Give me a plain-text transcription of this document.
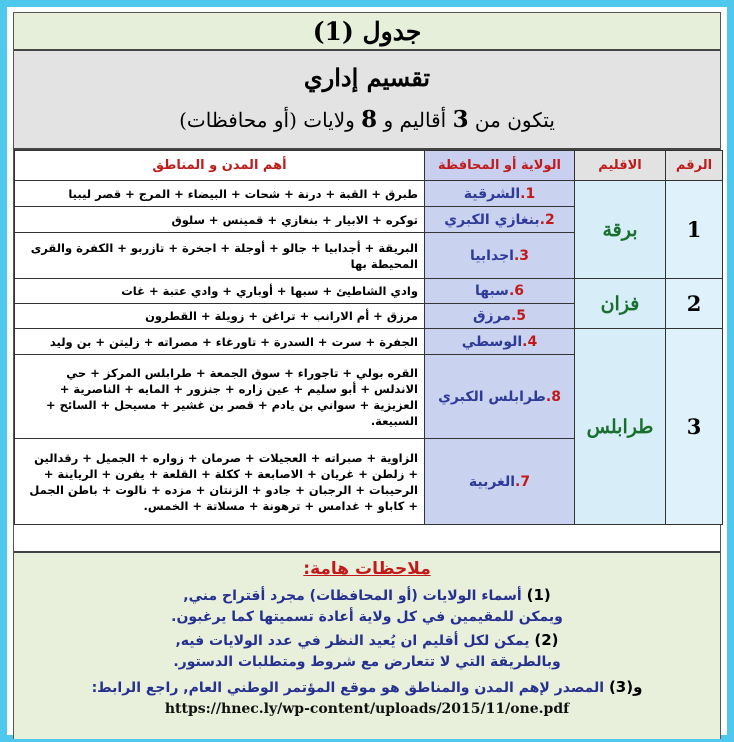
جدول (1)
تقسيم إداري
يتكون من 3 أقاليم و 8 ولايات (أو محافظات)
الرقم	الاقليم	الولاية أو المحافظة	أهم المدن و المناطق
1	برقة	1.الشرقية	طبرق + القبة + درنة + شحات + البيضاء + المرج + قصر ليبيا
		2.بنغازي الكبري	توكره + الابيار + بنغازي + قمينس + سلوق
		3.اجدابيا	البريقة + أجدابيا + جالو + أوجلة + اجخرة + تازربو + الكفرة والقرى المحيطة بها
2	فزان	6.سبها	وادي الشاطيئ + سبها + أوباري + وادي عتبة + غات
		5.مرزق	مرزق + أم الارانب + تراغن + زويلة + القطرون
3	طرابلس	4.الوسطي	الجفرة + سرت + السدرة + تاورغاء + مصراته + زليتن + بن وليد
		8.طرابلس الكبري	القره بولي + تاجوراء + سوق الجمعة + طرابلس المركز + حي الاندلس + أبو سليم + عين زاره + جنزور + المايه + الناصرية + العزيزية + سواني بن يادم + قصر بن غشير + مسيحل + السائح + السبيعة.
		7.الغربية	الزاوية + صبراته + العجيلات + صرمان + زواره + الجميل + رقدالين + زلطن + غريان + الاصابعة + ككلة + القلعة + يفرن + الرياينة + الرحيبات + الرجبان + جادو + الزنتان + مزده + نالوت + باطن الجمل + كاباو + غدامس + ترهونة + مسلاتة + الخمس.
ملاحظات هامة:
(1) أسماء الولايات (أو المحافظات) مجرد أقتراح مني,
ويمكن للمقيمين في كل ولاية أعادة تسميتها كما يرغبون.
(2) يمكن لكل أقليم ان يُعيد النظر في عدد الولايات فيه,
وبالطريقة التي لا تتعارض مع شروط ومتطلبات الدستور.
و(3) المصدر لإهم المدن والمناطق هو موقع المؤتمر الوطني العام, راجع الرابط:
https://hnec.ly/wp-content/uploads/2015/11/one.pdf
